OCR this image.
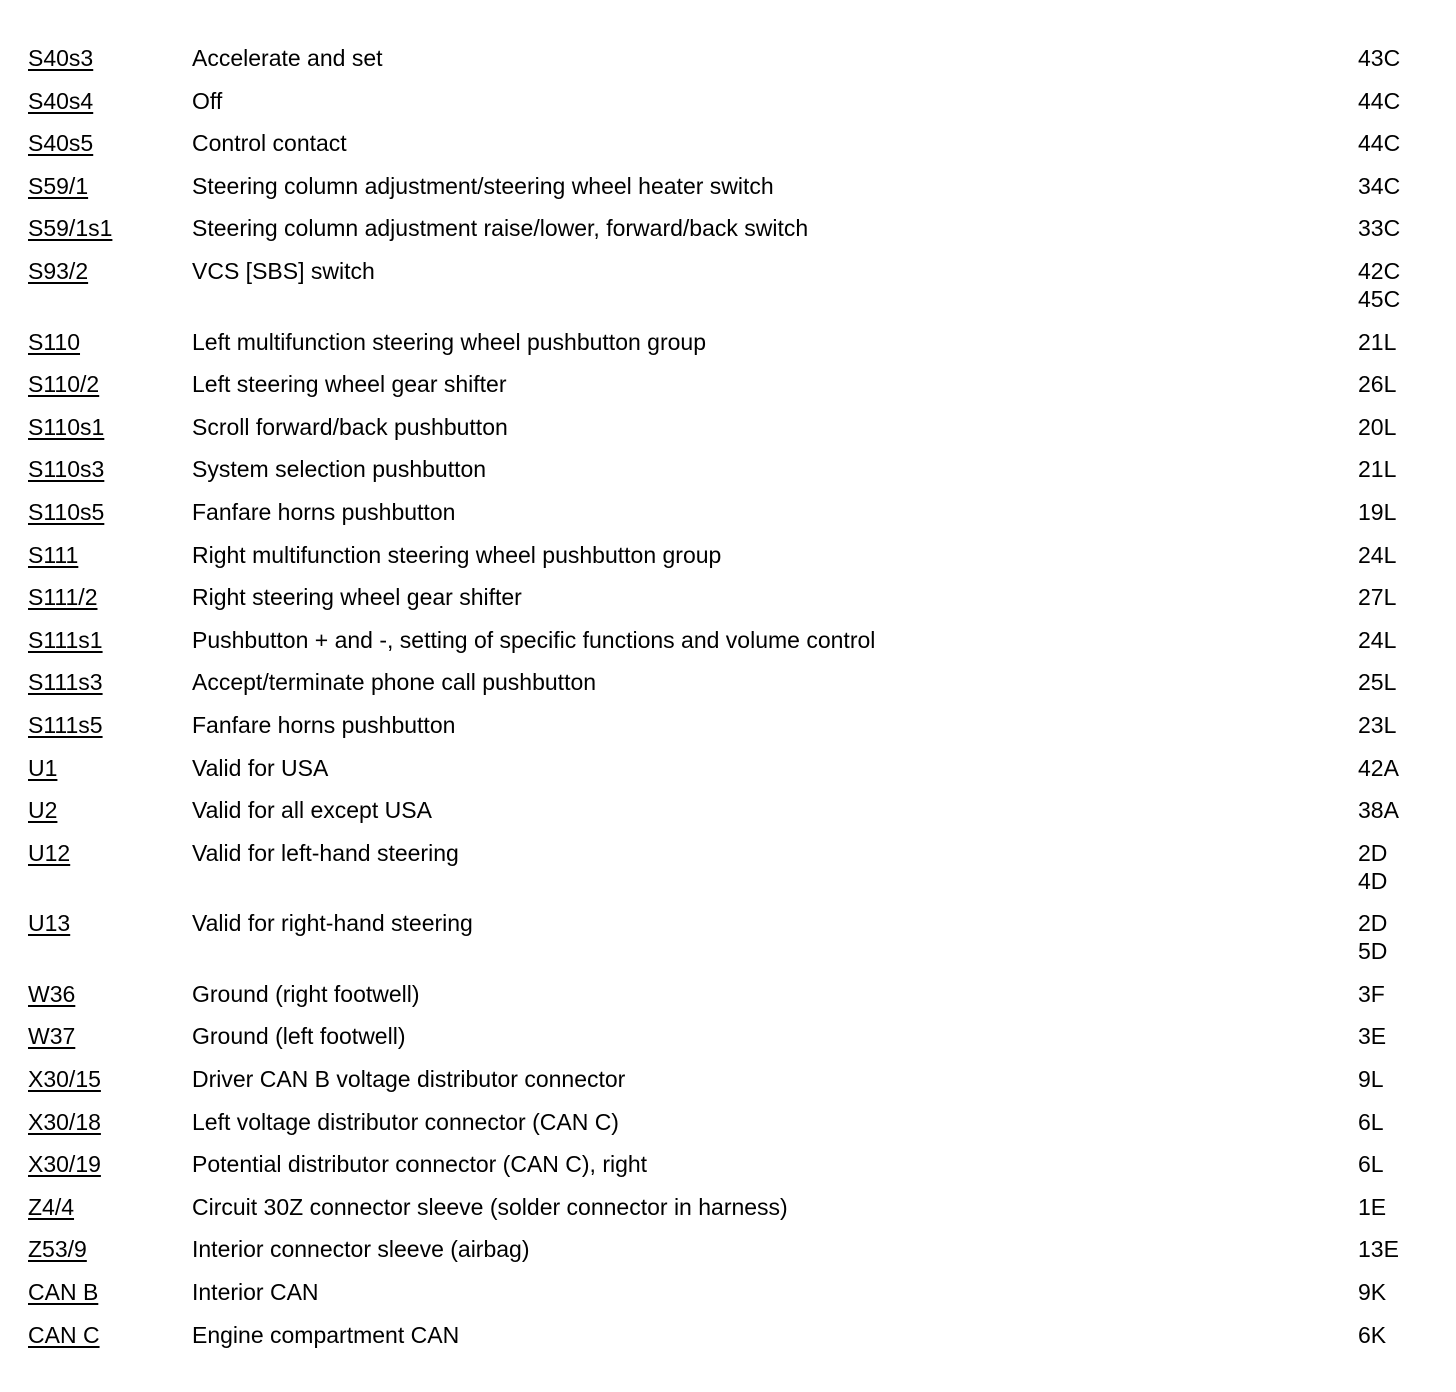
S40s3	Accelerate and set	43C
S40s4	Off	44C
S40s5	Control contact	44C
S59/1	Steering column adjustment/steering wheel heater switch	34C
S59/1s1	Steering column adjustment raise/lower, forward/back switch	33C
S93/2	VCS [SBS] switch	42C
45C
S110	Left multifunction steering wheel pushbutton group	21L
S110/2	Left steering wheel gear shifter	26L
S110s1	Scroll forward/back pushbutton	20L
S110s3	System selection pushbutton	21L
S110s5	Fanfare horns pushbutton	19L
S111	Right multifunction steering wheel pushbutton group	24L
S111/2	Right steering wheel gear shifter	27L
S111s1	Pushbutton + and -, setting of specific functions and volume control	24L
S111s3	Accept/terminate phone call pushbutton	25L
S111s5	Fanfare horns pushbutton	23L
U1	Valid for USA	42A
U2	Valid for all except USA	38A
U12	Valid for left-hand steering	2D
4D
U13	Valid for right-hand steering	2D
5D
W36	Ground (right footwell)	3F
W37	Ground (left footwell)	3E
X30/15	Driver CAN B voltage distributor connector	9L
X30/18	Left voltage distributor connector (CAN C)	6L
X30/19	Potential distributor connector (CAN C), right	6L
Z4/4	Circuit 30Z connector sleeve (solder connector in harness)	1E
Z53/9	Interior connector sleeve (airbag)	13E
CAN B	Interior CAN	9K
CAN C	Engine compartment CAN	6K
